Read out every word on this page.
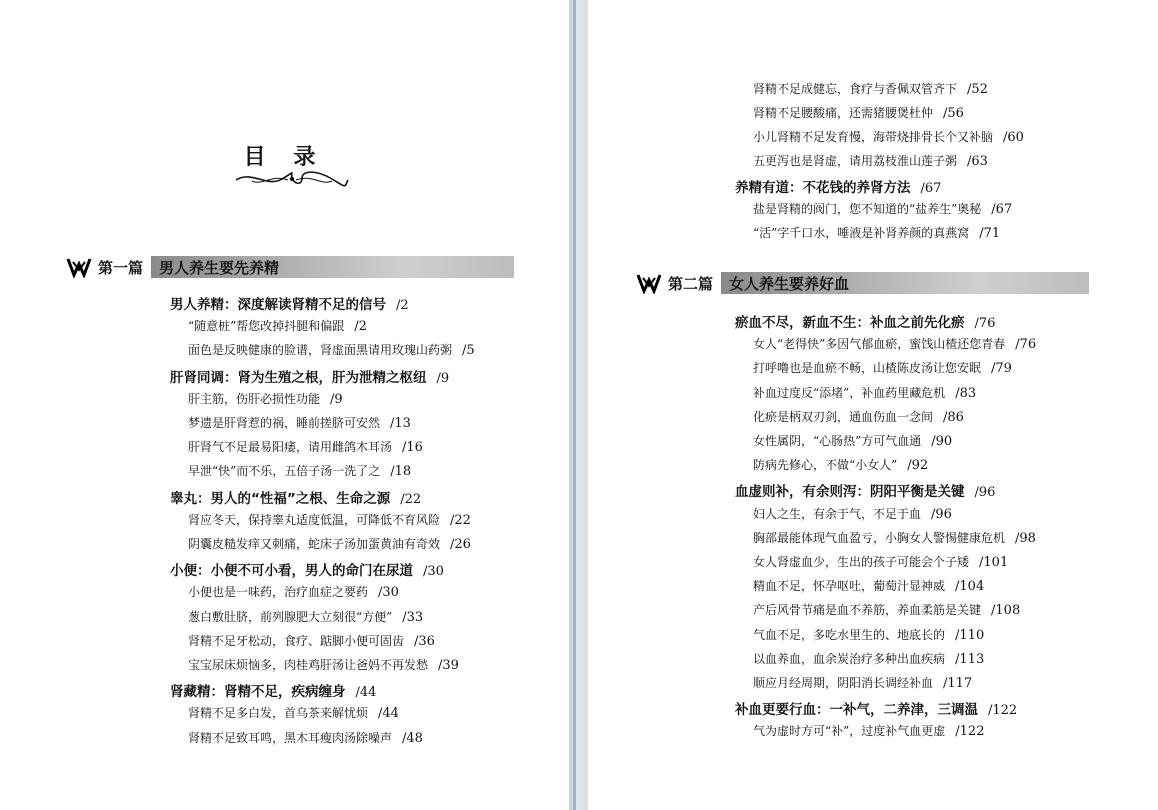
目 录
第一篇 男人养生要先养精
男人养精：深度解读肾精不足的信号 /2
“随意桩”帮您改掉抖腿和偏跟 /2
面色是反映健康的脸谱，肾虚面黑请用玫瑰山药粥 /5
肝肾同调：肾为生殖之根，肝为泄精之枢纽 /9
肝主筋，伤肝必损性功能 /9
梦遗是肝肾惹的祸，睡前搓脐可安然 /13
肝肾气不足最易阳痿，请用雌鸽木耳汤 /16
早泄“快”而不乐，五倍子汤一洗了之 /18
睾丸：男人的“性福”之根、生命之源 /22
肾应冬天，保持睾丸适度低温，可降低不育风险 /22
阴囊皮糙发痒又刺痛，蛇床子汤加蛋黄油有奇效 /26
小便：小便不可小看，男人的命门在尿道 /30
小便也是一味药，治疗血症之要药 /30
葱白敷肚脐，前列腺肥大立刻很“方便” /33
肾精不足牙松动，食疗、踮脚小便可固齿 /36
宝宝尿床烦恼多，肉桂鸡肝汤让爸妈不再发愁 /39
肾藏精：肾精不足，疾病缠身 /44
肾精不足多白发，首乌茶来解忧烦 /44
肾精不足致耳鸣，黑木耳瘦肉汤除噪声 /48
肾精不足成健忘，食疗与香佩双管齐下 /52
肾精不足腰酸痛，还需猪腰煲杜仲 /56
小儿肾精不足发育慢，海带烧排骨长个又补脑 /60
五更泻也是肾虚，请用荔枝淮山莲子粥 /63
养精有道：不花钱的养肾方法 /67
盐是肾精的阀门，您不知道的“盐养生”奥秘 /67
“活”字千口水，唾液是补肾养颜的真燕窝 /71
第二篇 女人养生要养好血
瘀血不尽，新血不生：补血之前先化瘀 /76
女人“老得快”多因气郁血瘀，蜜饯山楂还您青春 /76
打呼噜也是血瘀不畅，山楂陈皮汤让您安眠 /79
补血过度反“添堵”，补血药里藏危机 /83
化瘀是柄双刃剑，通血伤血一念间 /86
女性属阴，“心肠热”方可气血通 /90
防病先修心，不做“小女人” /92
血虚则补，有余则泻：阴阳平衡是关键 /96
妇人之生，有余于气，不足于血 /96
胸部最能体现气血盈亏，小胸女人警惕健康危机 /98
女人肾虚血少，生出的孩子可能会个子矮 /101
精血不足，怀孕呕吐，葡萄汁显神威 /104
产后风骨节痛是血不养筋，养血柔筋是关键 /108
气血不足，多吃水里生的、地底长的 /110
以血养血，血余炭治疗多种出血疾病 /113
顺应月经周期，阴阳消长调经补血 /117
补血更要行血：一补气，二养津，三调温 /122
气为虚时方可“补”，过度补气血更虚 /122
